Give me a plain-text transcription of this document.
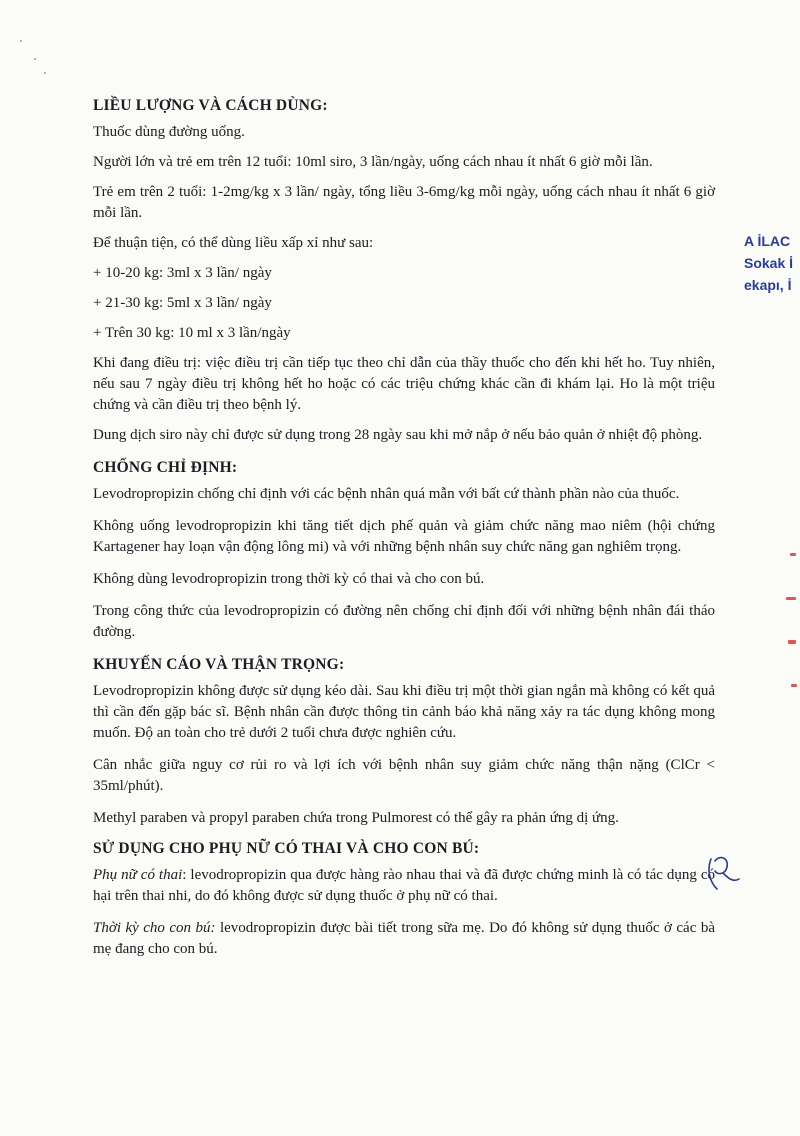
LIỀU LƯỢNG VÀ CÁCH DÙNG:

Thuốc dùng đường uống.

Người lớn và trẻ em trên 12 tuổi: 10ml siro, 3 lần/ngày, uống cách nhau ít nhất 6 giờ mỗi lần.

Trẻ em trên 2 tuổi: 1-2mg/kg x 3 lần/ ngày, tổng liều 3-6mg/kg mỗi ngày, uống cách nhau ít nhất 6 giờ mỗi lần.

Để thuận tiện, có thể dùng liều xấp xỉ như sau:

+ 10-20 kg: 3ml x 3 lần/ ngày

+ 21-30 kg: 5ml x 3 lần/ ngày

+ Trên 30 kg: 10 ml x 3 lần/ngày

Khi đang điều trị: việc điều trị cần tiếp tục theo chỉ dẫn của thầy thuốc cho đến khi hết ho. Tuy nhiên, nếu sau 7 ngày điều trị không hết ho hoặc có các triệu chứng khác cần đi khám lại. Ho là một triệu chứng và cần điều trị theo bệnh lý.

Dung dịch siro này chỉ được sử dụng trong 28 ngày sau khi mở nắp ở nếu bảo quản ở nhiệt độ phòng.

CHỐNG CHỈ ĐỊNH:

Levodropropizin chống chỉ định với các bệnh nhân quá mẫn với bất cứ thành phần nào của thuốc.

Không uống levodropropizin khi tăng tiết dịch phế quản và giảm chức năng mao niêm (hội chứng Kartagener hay loạn vận động lông mi) và với những bệnh nhân suy chức năng gan nghiêm trọng.

Không dùng levodropropizin trong thời kỳ có thai và cho con bú.

Trong công thức của levodropropizin có đường nên chống chỉ định đối với những bệnh nhân đái tháo đường.

KHUYẾN CÁO VÀ THẬN TRỌNG:

Levodropropizin không được sử dụng kéo dài. Sau khi điều trị một thời gian ngắn mà không có kết quả thì cần đến gặp bác sĩ. Bệnh nhân cần được thông tin cảnh báo khả năng xảy ra tác dụng không mong muốn. Độ an toàn cho trẻ dưới 2 tuổi chưa được nghiên cứu.

Cân nhắc giữa nguy cơ rủi ro và lợi ích với bệnh nhân suy giảm chức năng thận nặng (ClCr < 35ml/phút).

Methyl paraben và propyl paraben chứa trong Pulmorest có thể gây ra phản ứng dị ứng.

SỬ DỤNG CHO PHỤ NỮ CÓ THAI VÀ CHO CON BÚ:

Phụ nữ có thai: levodropropizin qua được hàng rào nhau thai và đã được chứng minh là có tác dụng có hại trên thai nhi, do đó không được sử dụng thuốc ở phụ nữ có thai.

Thời kỳ cho con bú: levodropropizin được bài tiết trong sữa mẹ. Do đó không sử dụng thuốc ở các bà mẹ đang cho con bú.

A İLAC
Sokak İ
ekapı, İ
